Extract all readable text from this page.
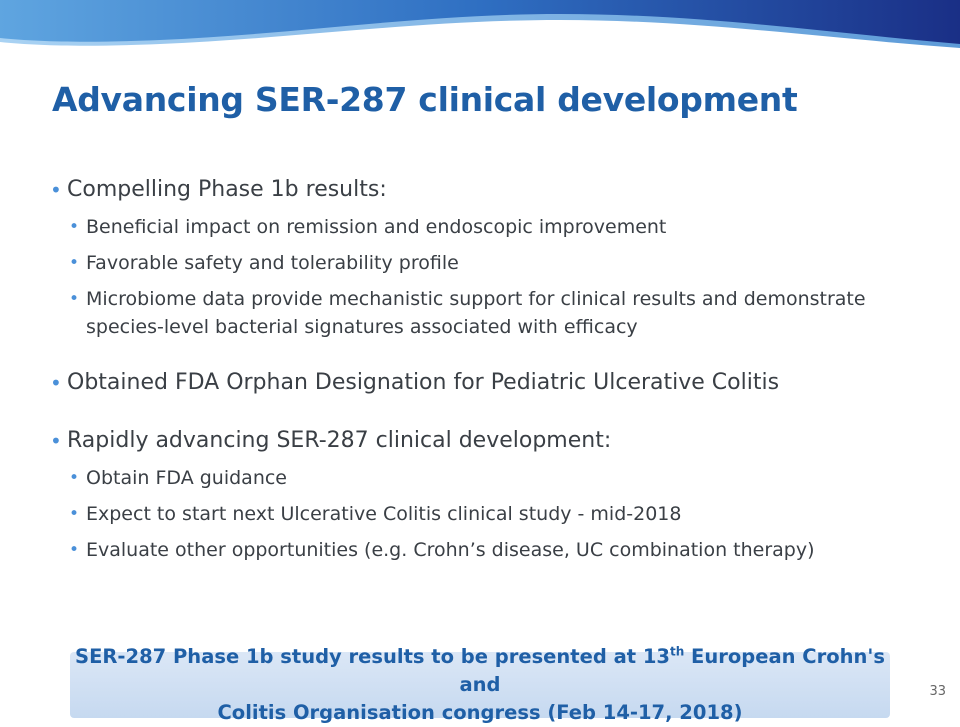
Advancing SER-287 clinical development

• Compelling Phase 1b results:

• Beneficial impact on remission and endoscopic improvement

• Favorable safety and tolerability profile

• Microbiome data provide mechanistic support for clinical results and demonstrate species-level bacterial signatures associated with efficacy

• Obtained FDA Orphan Designation for Pediatric Ulcerative Colitis

• Rapidly advancing SER-287 clinical development:

• Obtain FDA guidance

• Expect to start next Ulcerative Colitis clinical study - mid-2018

• Evaluate other opportunities (e.g. Crohn’s disease, UC combination therapy)

SER-287 Phase 1b study results to be presented at 13th European Crohn's and
Colitis Organisation congress (Feb 14-17, 2018)
33
